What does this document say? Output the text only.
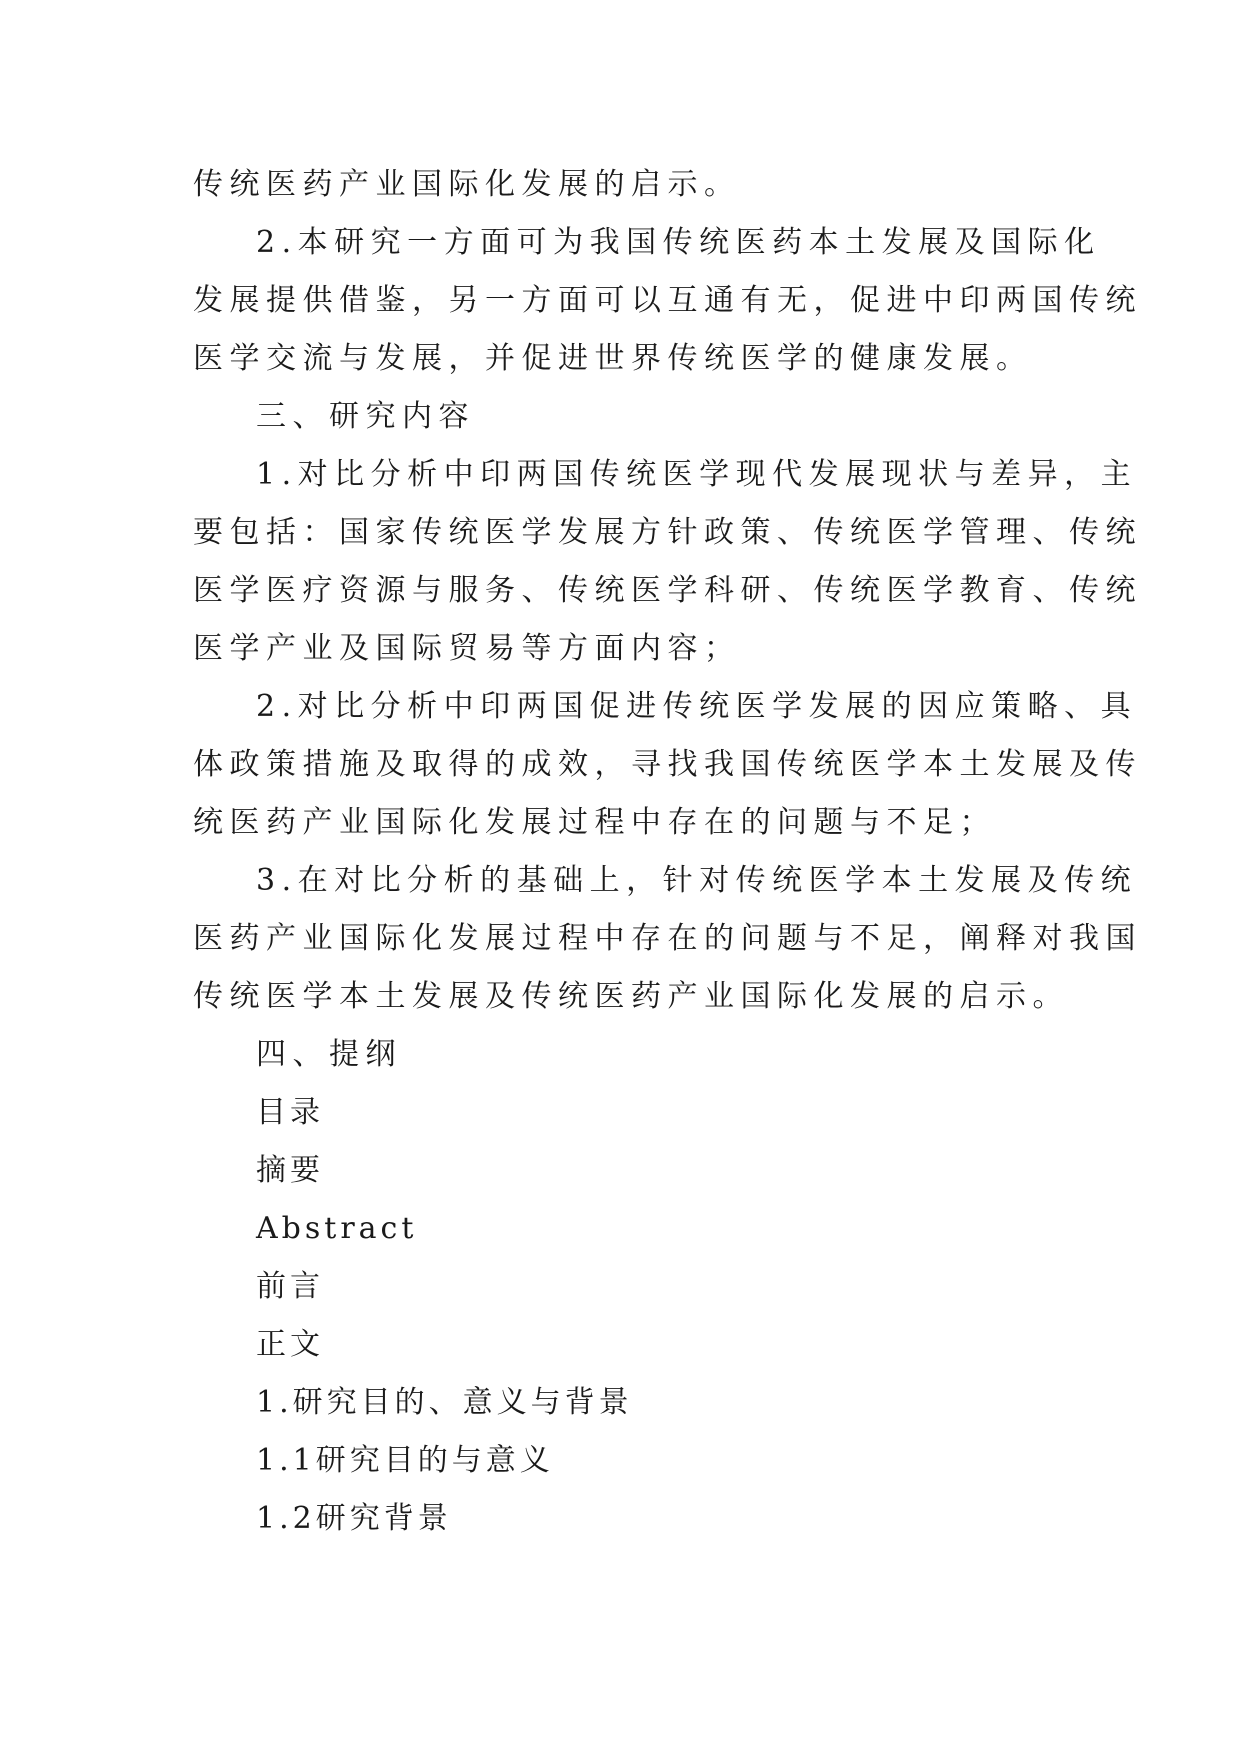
传统医药产业国际化发展的启示。
2.本研究一方面可为我国传统医药本土发展及国际化
发展提供借鉴，另一方面可以互通有无，促进中印两国传统
医学交流与发展，并促进世界传统医学的健康发展。
三、研究内容
1.对比分析中印两国传统医学现代发展现状与差异，主
要包括：国家传统医学发展方针政策、传统医学管理、传统
医学医疗资源与服务、传统医学科研、传统医学教育、传统
医学产业及国际贸易等方面内容；
2.对比分析中印两国促进传统医学发展的因应策略、具
体政策措施及取得的成效，寻找我国传统医学本土发展及传
统医药产业国际化发展过程中存在的问题与不足；
3.在对比分析的基础上，针对传统医学本土发展及传统
医药产业国际化发展过程中存在的问题与不足，阐释对我国
传统医学本土发展及传统医药产业国际化发展的启示。
四、提纲
目录
摘要
Abstract
前言
正文
1.研究目的、意义与背景
1.1研究目的与意义
1.2研究背景
